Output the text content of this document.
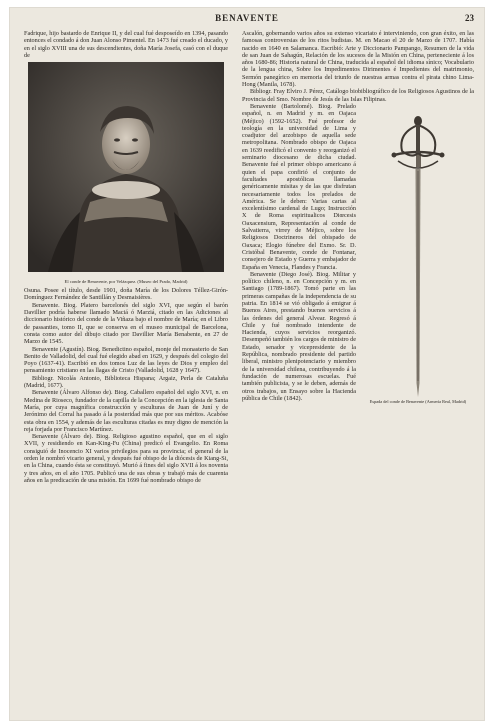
BENAVENTE	23

Fadrique, hijo bastardo de Enrique II, y del cual fué desposeído en 1394, pasando entonces el condado á don Juan Alonso Pimentel. En 1473 fué creado el ducado, y en el siglo XVIII una de sus descendientes, doña María Josefa, casó con el duque de

El conde de Benavente, por Velázquez. (Museo del Prado, Madrid)

Osuna. Posee el título, desde 1901, doña María de los Dolores Téllez-Girón-Domínguez Fernández de Santillán y Desmaisières.

Benavente. Biog. Platero barcelonés del siglo XVI, que según el barón Davillier podría haberse llamado Maciá ó Marziá, citado en las Adiciones al diccionario histórico del conde de la Viñaza bajo el nombre de María; en el Libro de passanties, tomo II, que se conserva en el museo municipal de Barcelona, consta como autor del dibujo citado por Davillier María Benabente, en 27 de Marzo de 1545.

Benavente (Agustín). Biog. Benedictino español, monje del monasterio de San Benito de Valladolid, del cual fué elegido abad en 1629, y después del colegio del Poyo (1637-41). Escribió en dos tomos Luz de las leyes de Dios y empleo del pensamiento cristiano en las llagas de Cristo (Valladolid, 1628 y 1647).

Bibliogr. Nicolás Antonio, Biblioteca Hispana; Argaiz, Perla de Cataluña (Madrid, 1677).

Benavente (Álvaro Alfonso de). Biog. Caballero español del siglo XVI, n. en Medina de Rioseco, fundador de la capilla de la Concepción en la iglesia de Santa María, por cuya magnífica construcción y esculturas de Juan de Juní y de Jerónimo del Corral ha pasado á la posteridad más que por sus méritos. Acabóse esta obra en 1554, y además de las esculturas citadas es muy digno de mención la reja forjada por Francisco Martínez.

Benavente (Álvaro de). Biog. Religioso agustino español, que en el siglo XVII, y residiendo en Kan-King-Fu (China) predicó el Evangelio. En Roma consiguió de Inocencio XI varios privilegios para su provincia; el general de la orden le nombró vicario general, y después fué obispo de la diócesis de Kiang-Si, en la China, cuando ésta se constituyó. Murió á fines del siglo XVII á los noventa y tres años, en el año 1705. Publicó una de sus obras y trabajó más de cuarenta años en la predicación de una misión. En 1699 fué nombrado obispo de

Ascalón, gobernando varios años su extenso vicariato é interviniendo, con gran éxito, en las famosas controversias de los ritos budistas. M. en Macao el 20 de Marzo de 1707. Había nacido en 1640 en Salamanca. Escribió: Arte y Diccionario Pampango, Resumen de la vida de san Juan de Sahagún, Relación de los sucesos de la Misión en China, perteneciente á los años 1680-86; Historia natural de China, traducida al español del idioma sínico; Vocabulario de la lengua china, Sobre los Impedimentos Dirimentes é Impedientes del matrimonio, Sermón panegírico en memoria del triunfo de nuestras armas contra el pirata chino Lima-Hong (Manila, 1678).

Bibliogr. Fray Elviro J. Pérez, Catálogo biobibliográfico de los Religiosos Agustinos de la Provincia del Smo. Nombre de Jesús de las Islas Filipinas.

Espada del conde de Benavente (Armería Real, Madrid)

Benavente (Bartolomé). Biog. Prelado español, n. en Madrid y m. en Oajaca (Méjico) (1592-1652). Fué profesor de teología en la universidad de Lima y coadjutor del arzobispo de aquella sede metropolitana. Nombrado obispo de Oajaca en 1639 reedificó el convento y reorganizó el seminario diocesano de dicha ciudad. Benavente fué el primer obispo americano á quien el papa confirió el conjunto de facultades apostólicas llamadas genéricamente misitas y de las que disfrutan necesariamente todos los prelados de América. Se le deben: Varias cartas al excelentísimo cardenal de Lugo; Instrucción X de Roma espiritualicos Diœcesis Oaxacensium, Representación al conde de Salvatierra, virrey de Méjico, sobre los Religiosos Doctrineros del obispado de Oaxaca; Elogio fúnebre del Exmo. Sr. D. Cristóbal Benavente, conde de Fontanar, consejero de Estado y Guerra y embajador de España en Venecia, Flandes y Francia.

Benavente (Diego José). Biog. Militar y político chileno, n. en Concepción y m. en Santiago (1789-1867). Tomó parte en las primeras campañas de la independencia de su patria. En 1814 se vió obligado á emigrar á Buenos Aires, prestando buenos servicios á las órdenes del general Alvear. Regresó á Chile y fué nombrado intendente de Hacienda, cuyos servicios reorganizó. Desempeñó también los cargos de ministro de Estado, senador y vicepresidente de la República, nombrado presidente del partido liberal, ministro plenipotenciario y miembro de la universidad chilena, contribuyendo á la fundación de numerosas escuelas. Fué también publicista, y se le deben, además de otros trabajos, un Ensayo sobre la Hacienda pública de Chile (1842).
